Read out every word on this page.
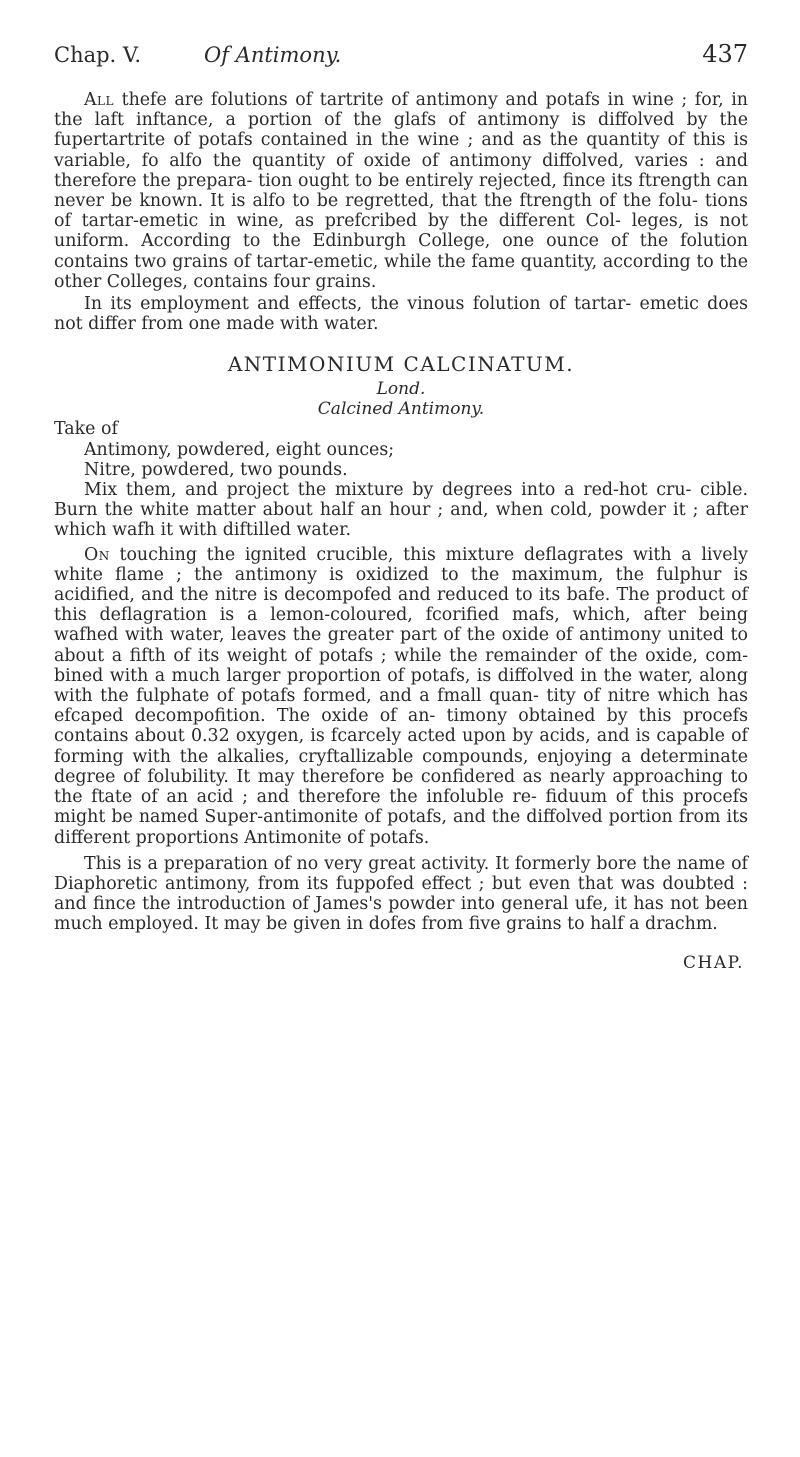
Chap. V.	Of Antimony.	437

All thefe are folutions of tartrite of antimony and potafs in wine ; for, in the laft inftance, a portion of the glafs of antimony is diffolved by the fupertartrite of potafs contained in the wine ; and as the quantity of this is variable, fo alfo the quantity of oxide of antimony diffolved, varies : and therefore the prepara- tion ought to be entirely rejected, fince its ftrength can never be known. It is alfo to be regretted, that the ftrength of the folu- tions of tartar-emetic in wine, as prefcribed by the different Col- leges, is not uniform. According to the Edinburgh College, one ounce of the folution contains two grains of tartar-emetic, while the fame quantity, according to the other Colleges, contains four grains.

In its employment and effects, the vinous folution of tartar- emetic does not differ from one made with water.

ANTIMONIUM CALCINATUM.
Lond.
Calcined Antimony.
Take of
Antimony, powdered, eight ounces;
Nitre, powdered, two pounds.

Mix them, and project the mixture by degrees into a red-hot cru- cible. Burn the white matter about half an hour ; and, when cold, powder it ; after which wafh it with diftilled water.

On touching the ignited crucible, this mixture deflagrates with a lively white flame ; the antimony is oxidized to the maximum, the fulphur is acidified, and the nitre is decompofed and reduced to its bafe. The product of this deflagration is a lemon-coloured, fcorified mafs, which, after being wafhed with water, leaves the greater part of the oxide of antimony united to about a fifth of its weight of potafs ; while the remainder of the oxide, com- bined with a much larger proportion of potafs, is diffolved in the water, along with the fulphate of potafs formed, and a fmall quan- tity of nitre which has efcaped decompofition. The oxide of an- timony obtained by this procefs contains about 0.32 oxygen, is fcarcely acted upon by acids, and is capable of forming with the alkalies, cryftallizable compounds, enjoying a determinate degree of folubility. It may therefore be confidered as nearly approaching to the ftate of an acid ; and therefore the infoluble re- fiduum of this procefs might be named Super-antimonite of potafs, and the diffolved portion from its different proportions Antimonite of potafs.

This is a preparation of no very great activity. It formerly bore the name of Diaphoretic antimony, from its fuppofed effect ; but even that was doubted : and fince the introduction of James's powder into general ufe, it has not been much employed. It may be given in dofes from five grains to half a drachm.

CHAP.
